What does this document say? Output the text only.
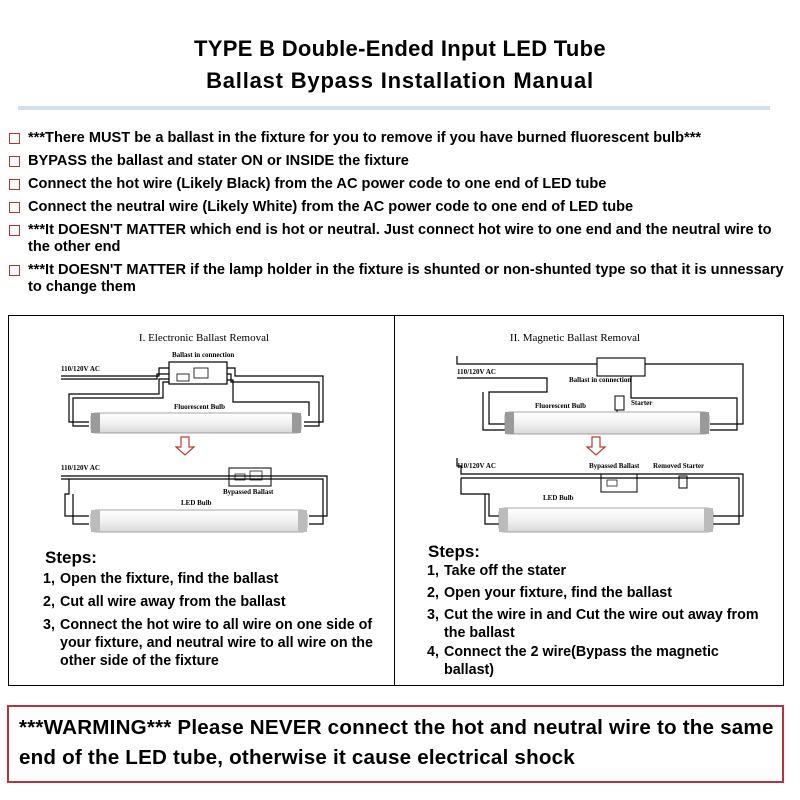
TYPE B Double-Ended Input LED Tube
Ballast Bypass Installation Manual
***There MUST be a ballast in the fixture for you to remove if you have burned fluorescent bulb***
BYPASS the ballast and stater ON or INSIDE the fixture
Connect the hot wire (Likely Black) from the AC power code to one end of LED tube
Connect the neutral wire (Likely White) from the AC power code to one end of LED tube
***It DOESN'T MATTER which end is hot or neutral. Just connect hot wire to one end and the neutral wire to the other end
***It DOESN'T MATTER if the lamp holder in the fixture is shunted or non-shunted type so that it is unnessary to change them
I. Electronic Ballast Removal
Ballast in connection
110/120V AC
Fluorescent Bulb
110/120V AC
Bypassed Ballast
LED Bulb
Steps:
1, Open the fixture, find the ballast
2, Cut all wire away from the ballast
3, Connect the hot wire to all wire on one side of your fixture, and neutral wire to all wire on the other side of the fixture
II. Magnetic Ballast Removal
110/120V AC
Ballast in connection
Fluorescent Bulb	Starter
110/120V AC	Bypassed Ballast Removed Starter
LED Bulb
Steps:
1, Take off the stater
2, Open your fixture, find the ballast
3, Cut the wire in and Cut the wire out away from the ballast
4, Connect the 2 wire(Bypass the magnetic ballast)
***WARMING*** Please NEVER connect the hot and neutral wire to the same end of the LED tube, otherwise it cause electrical shock
